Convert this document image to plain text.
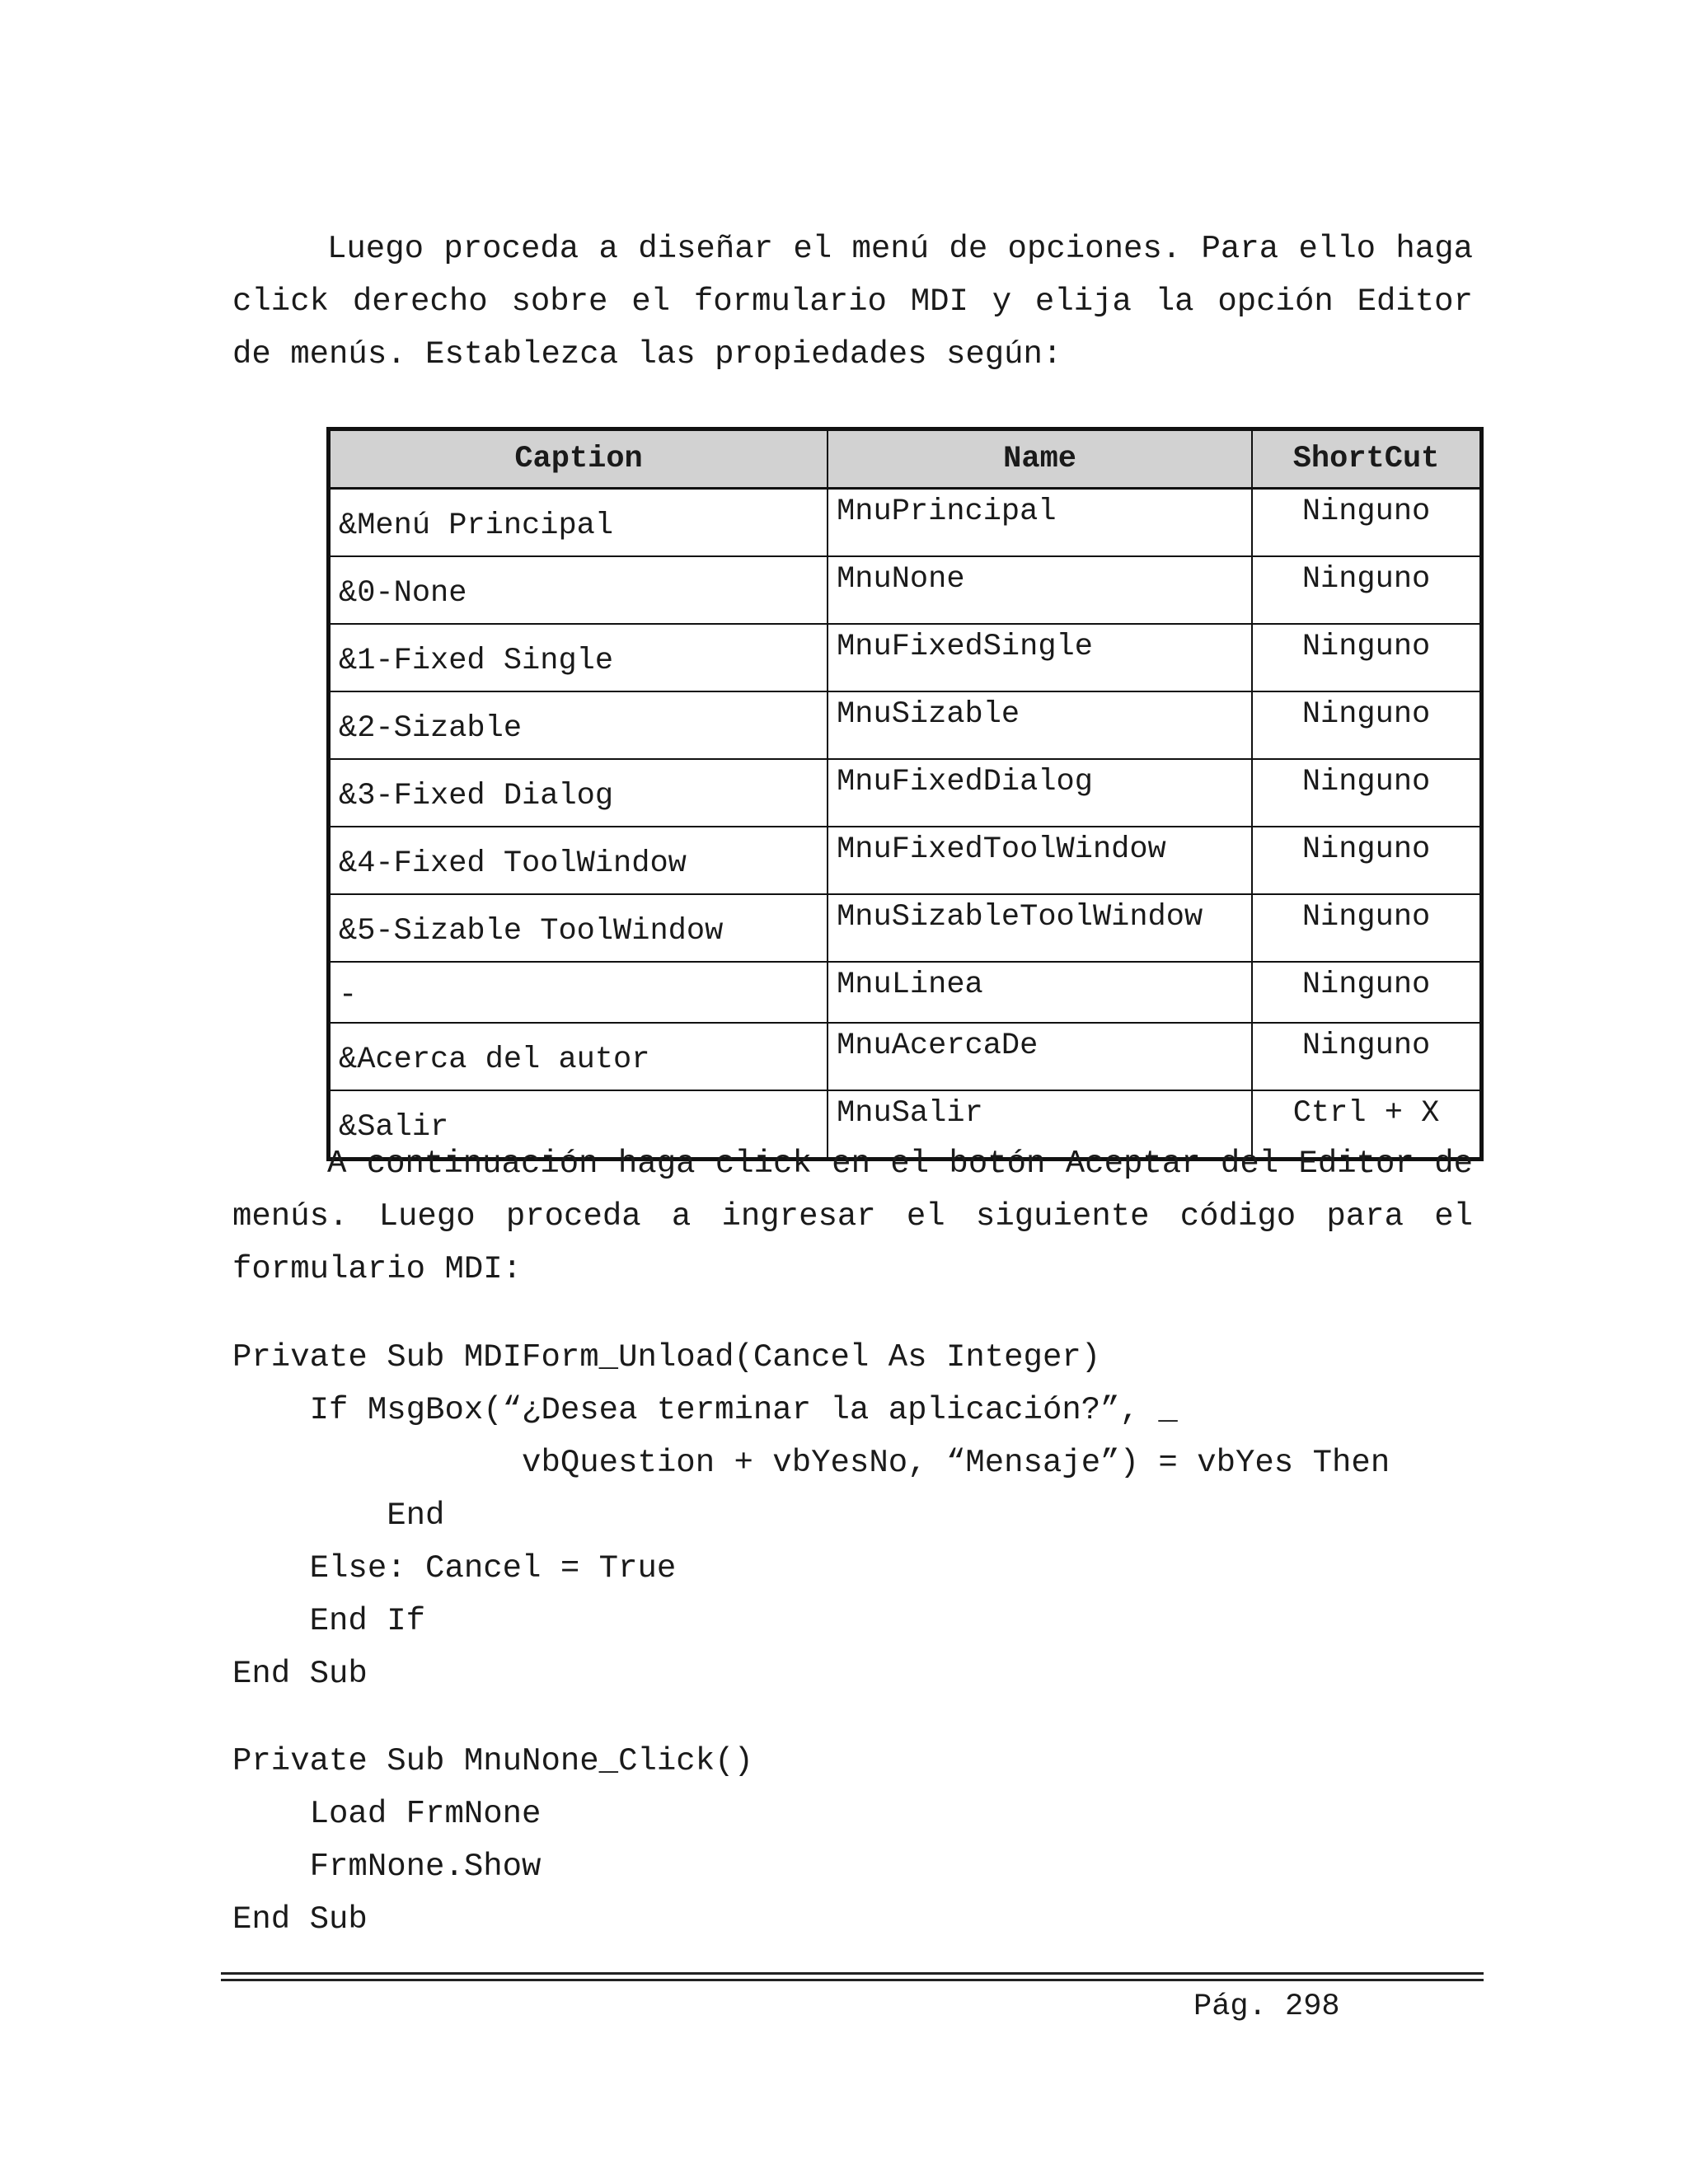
Luego proceda a diseñar el menú de opciones. Para ello haga click derecho sobre el formulario MDI y elija la opción Editor de menús. Establezca las propiedades según:

Caption	Name	ShortCut
&Menú Principal	MnuPrincipal	Ninguno
&0-None	MnuNone	Ninguno
&1-Fixed Single	MnuFixedSingle	Ninguno
&2-Sizable	MnuSizable	Ninguno
&3-Fixed Dialog	MnuFixedDialog	Ninguno
&4-Fixed ToolWindow	MnuFixedToolWindow	Ninguno
&5-Sizable ToolWindow	MnuSizableToolWindow	Ninguno
-	MnuLinea	Ninguno
&Acerca del autor	MnuAcercaDe	Ninguno
&Salir	MnuSalir	Ctrl + X

A continuación haga click en el botón Aceptar del Editor de menús. Luego proceda a ingresar el siguiente código para el formulario MDI:

Private Sub MDIForm_Unload(Cancel As Integer)
If MsgBox(“¿Desea terminar la aplicación?”, _
vbQuestion + vbYesNo, “Mensaje”) = vbYes Then
End
Else: Cancel = True
End If
End Sub
Private Sub MnuNone_Click()
Load FrmNone
FrmNone.Show
End Sub
Pág. 298
